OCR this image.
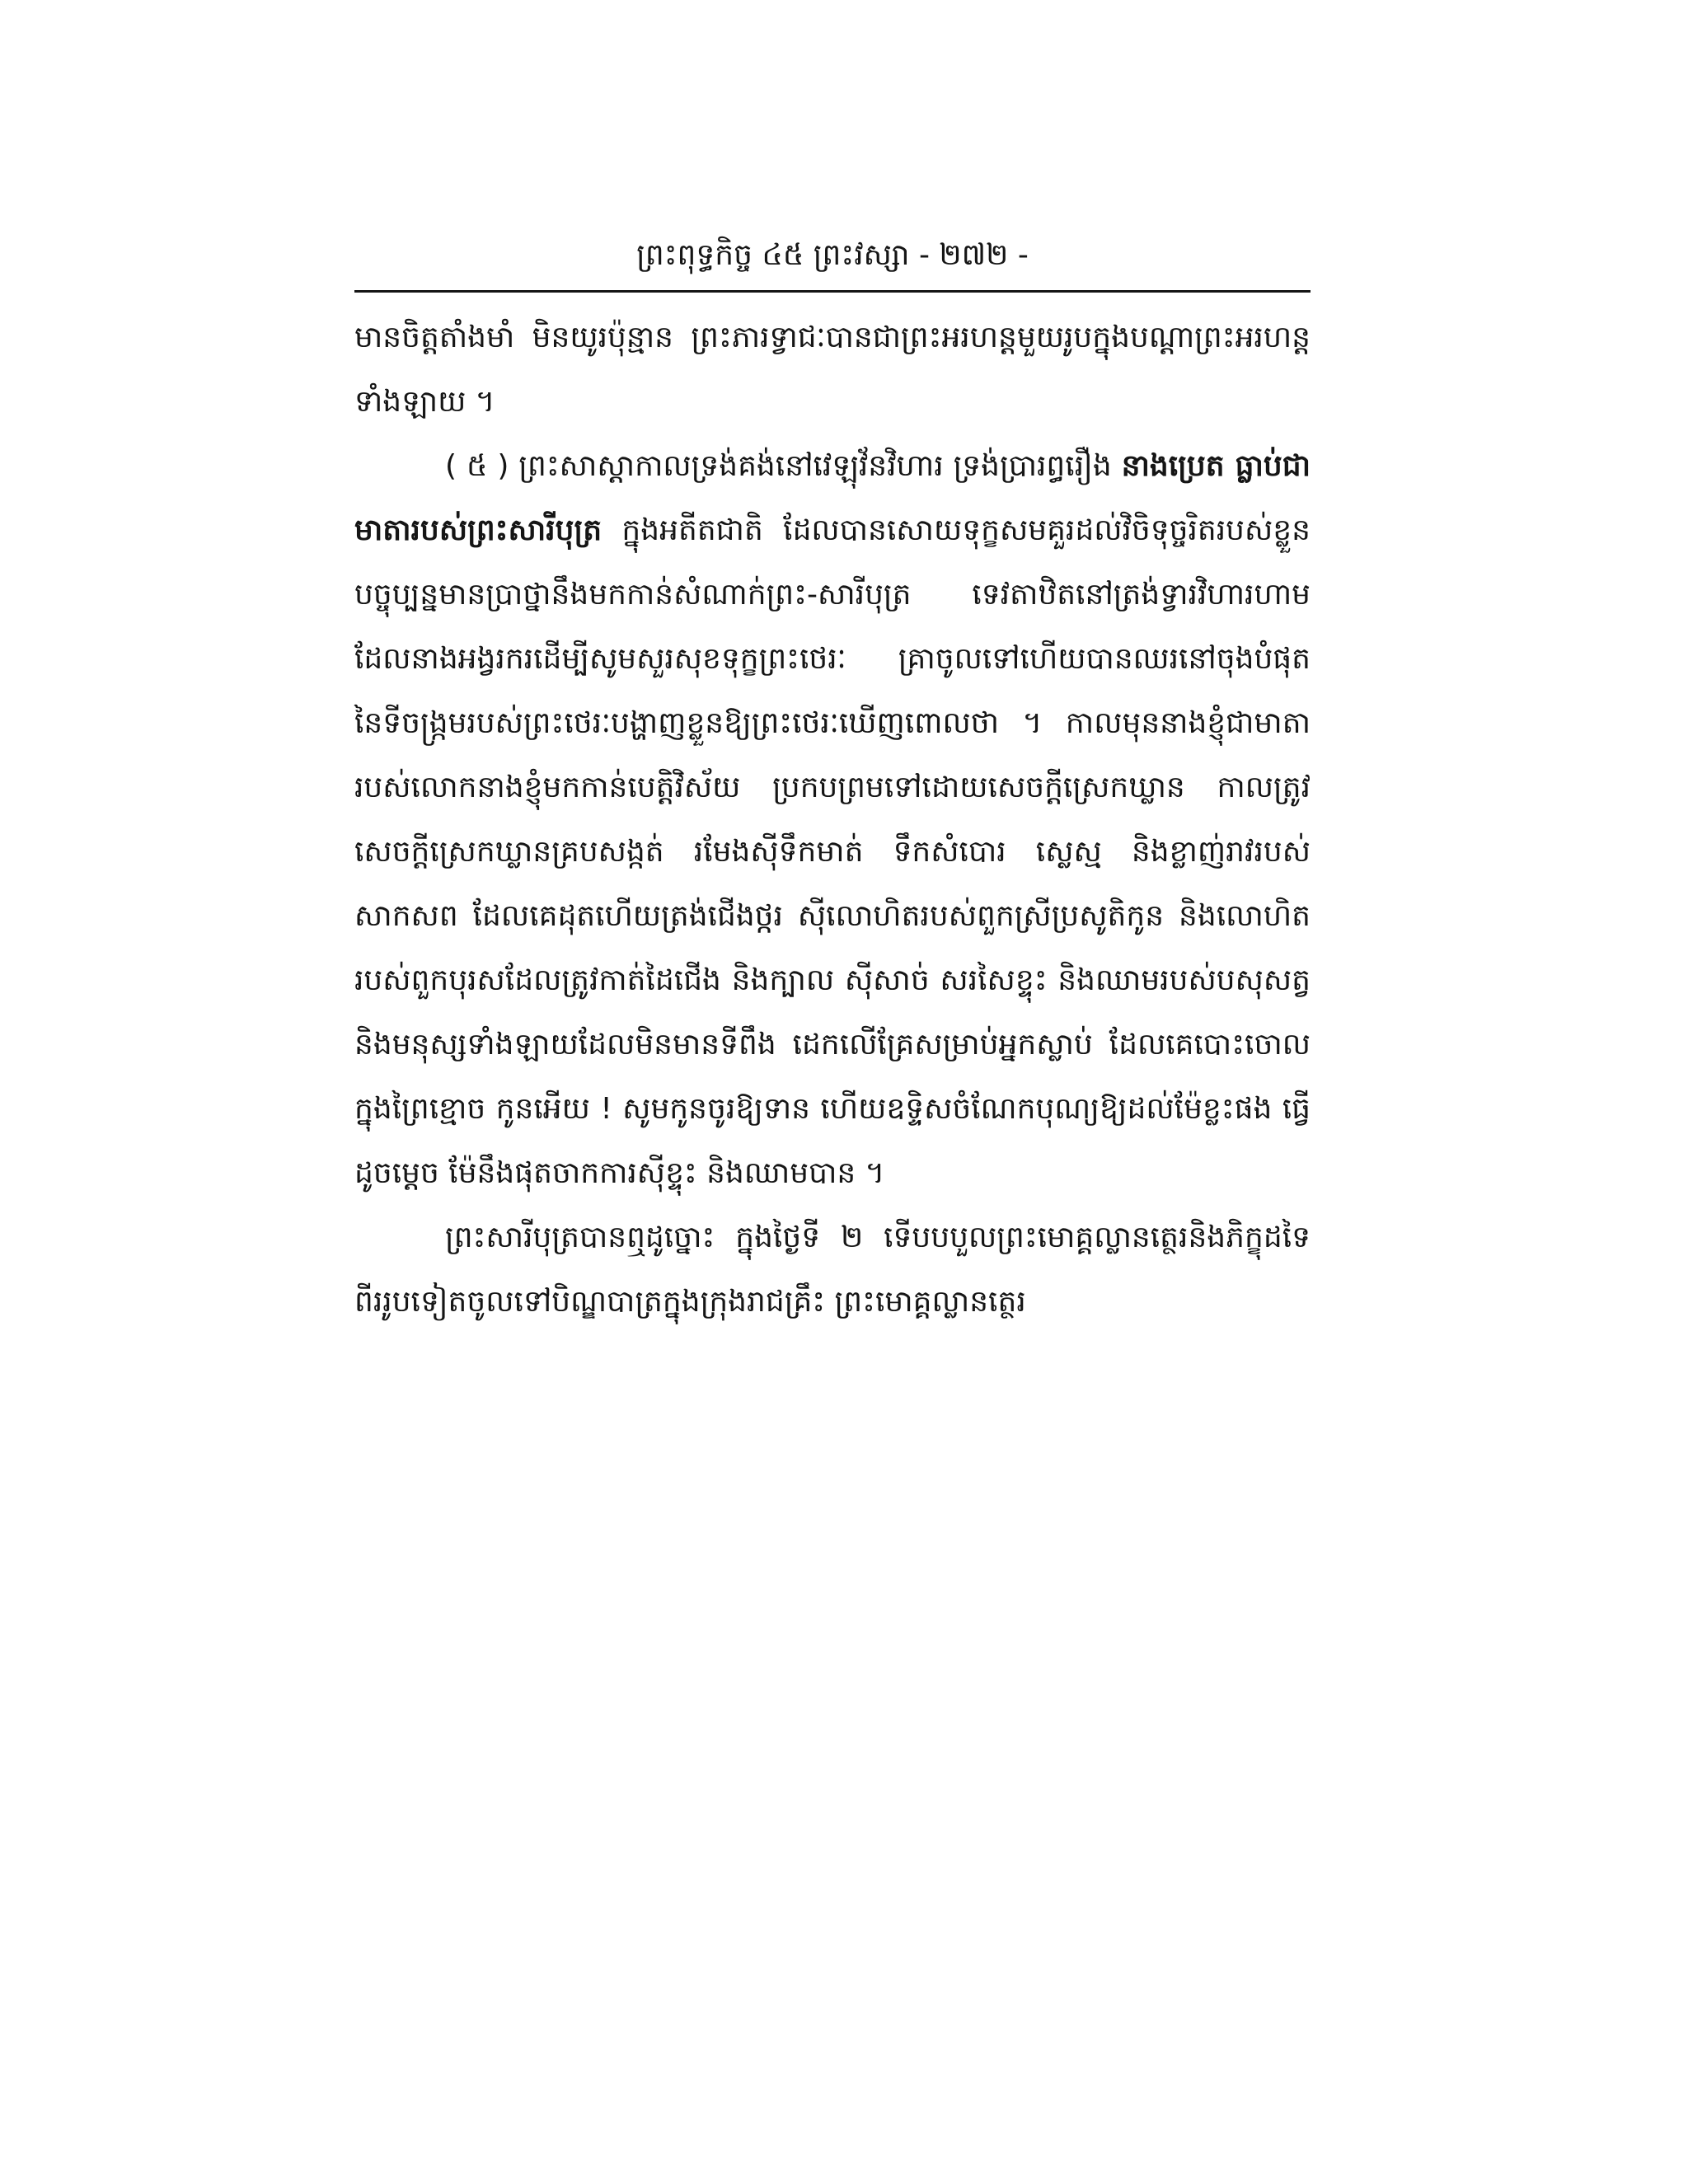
ព្រះពុទ្ធកិច្ច ៤៥ ព្រះវស្សា - ២៧២ -

មានចិត្តតាំងមាំ មិនយូរប៉ុន្មាន ព្រះភារទ្វាជៈបានជាព្រះអរហន្តមួយរូបក្នុងបណ្តាព្រះអរហន្តទាំងឡាយ ។

( ៥ ) ព្រះសាស្តាកាលទ្រង់គង់នៅវេឡុវ័នវិហារ ទ្រង់ប្រារព្ធរឿង នាងប្រេត ធ្លាប់ជាមាតារបស់ព្រះសារីបុត្រ ក្នុងអតីតជាតិ ដែលបានសោយទុក្ខសមគួរដល់វិចិទុច្ចរិតរបស់ខ្លួន បច្ចុប្បន្នមានប្រាថ្នានឹងមកកាន់សំណាក់ព្រះ-សារីបុត្រ ទេវតាឋិតនៅត្រង់ទ្វារវិហារហាម ដែលនាងអង្វរករដើម្បីសូមសួរសុខទុក្ខព្រះថេរៈ គ្រាចូលទៅហើយបានឈរនៅចុងបំផុតនៃទីចង្ក្រមរបស់ព្រះថេរៈបង្ហាញខ្លួនឱ្យព្រះថេរៈឃើញពោលថា ។ កាលមុននាងខ្ញុំជាមាតារបស់លោកនាងខ្ញុំមកកាន់បេត្តិវិស័យ ប្រកបព្រមទៅដោយសេចក្តីស្រេកឃ្លាន កាលត្រូវសេចក្តីស្រេកឃ្លានគ្របសង្កត់ រមែងស៊ីទឹកមាត់ ទឹកសំបោរ ស្លេស្ម និងខ្លាញ់រាវរបស់សាកសព ដែលគេដុតហើយត្រង់ជើងថ្ករ ស៊ីលោហិតរបស់ពួកស្រីប្រសូតិកូន និងលោហិតរបស់ពួកបុរសដែលត្រូវកាត់ដៃជើង និងក្បាល ស៊ីសាច់ សរសៃខ្ទុះ និងឈាមរបស់បសុសត្វ និងមនុស្សទាំងឡាយដែលមិនមានទីពឹង ដេកលើគ្រែសម្រាប់អ្នកស្លាប់ ដែលគេបោះចោលក្នុងព្រៃខ្មោច កូនអើយ ! សូមកូនចូរឱ្យទាន ហើយឧទ្ទិសចំណែកបុណ្យឱ្យដល់ម៉ែខ្លះផង ធ្វើដូចម្តេច ម៉ែនឹងផុតចាកការស៊ីខ្ទុះ និងឈាមបាន ។

ព្រះសារីបុត្របានឮដូច្នោះ ក្នុងថ្ងៃទី ២ ទើបបបួលព្រះមោគ្គល្លានត្ថេរនិងភិក្ខុដទៃ ពីររូបទៀតចូលទៅបិណ្ឌបាត្រក្នុងក្រុងរាជគ្រឹះ ព្រះមោគ្គល្លានត្ថេរ
